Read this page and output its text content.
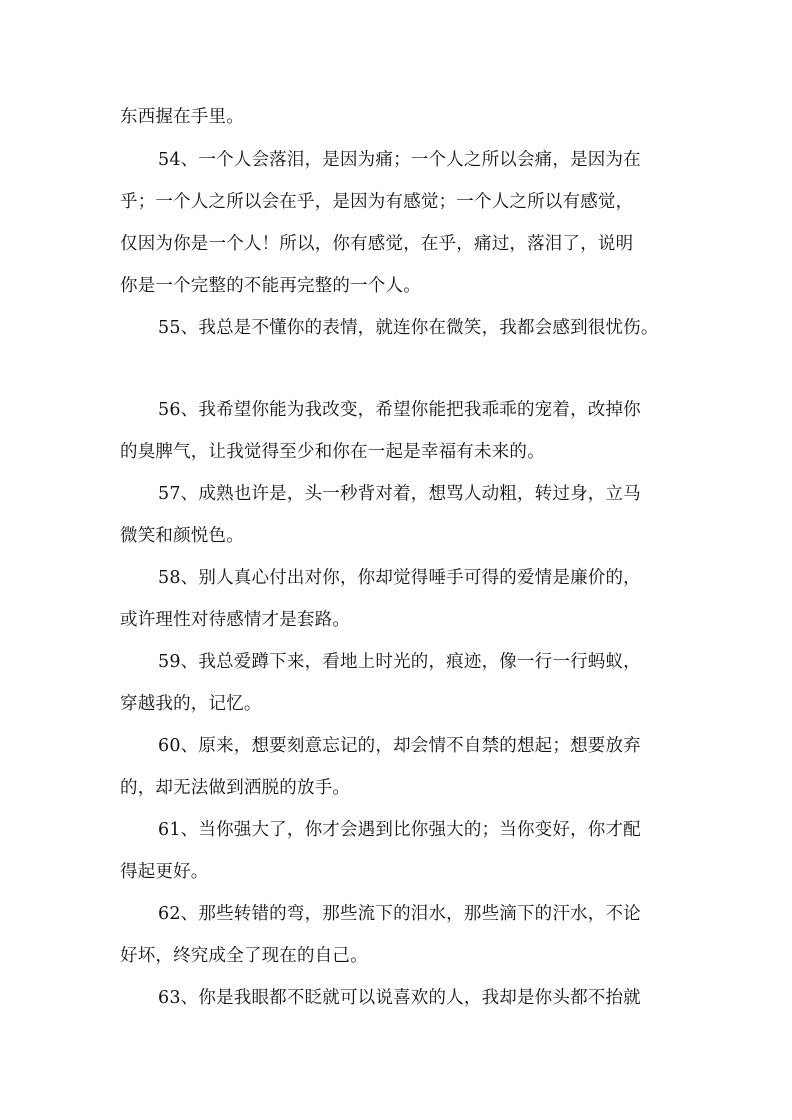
东西握在手里。
54、一个人会落泪，是因为痛；一个人之所以会痛，是因为在
乎；一个人之所以会在乎，是因为有感觉；一个人之所以有感觉，
仅因为你是一个人！所以，你有感觉，在乎，痛过，落泪了，说明
你是一个完整的不能再完整的一个人。
55、我总是不懂你的表情，就连你在微笑，我都会感到很忧伤。
56、我希望你能为我改变，希望你能把我乖乖的宠着，改掉你
的臭脾气，让我觉得至少和你在一起是幸福有未来的。
57、成熟也许是，头一秒背对着，想骂人动粗，转过身，立马
微笑和颜悦色。
58、别人真心付出对你，你却觉得唾手可得的爱情是廉价的，
或许理性对待感情才是套路。
59、我总爱蹲下来，看地上时光的，痕迹，像一行一行蚂蚁，
穿越我的，记忆。
60、原来，想要刻意忘记的，却会情不自禁的想起；想要放弃
的，却无法做到洒脱的放手。
61、当你强大了，你才会遇到比你强大的；当你变好，你才配
得起更好。
62、那些转错的弯，那些流下的泪水，那些滴下的汗水，不论
好坏，终究成全了现在的自己。
63、你是我眼都不眨就可以说喜欢的人，我却是你头都不抬就
